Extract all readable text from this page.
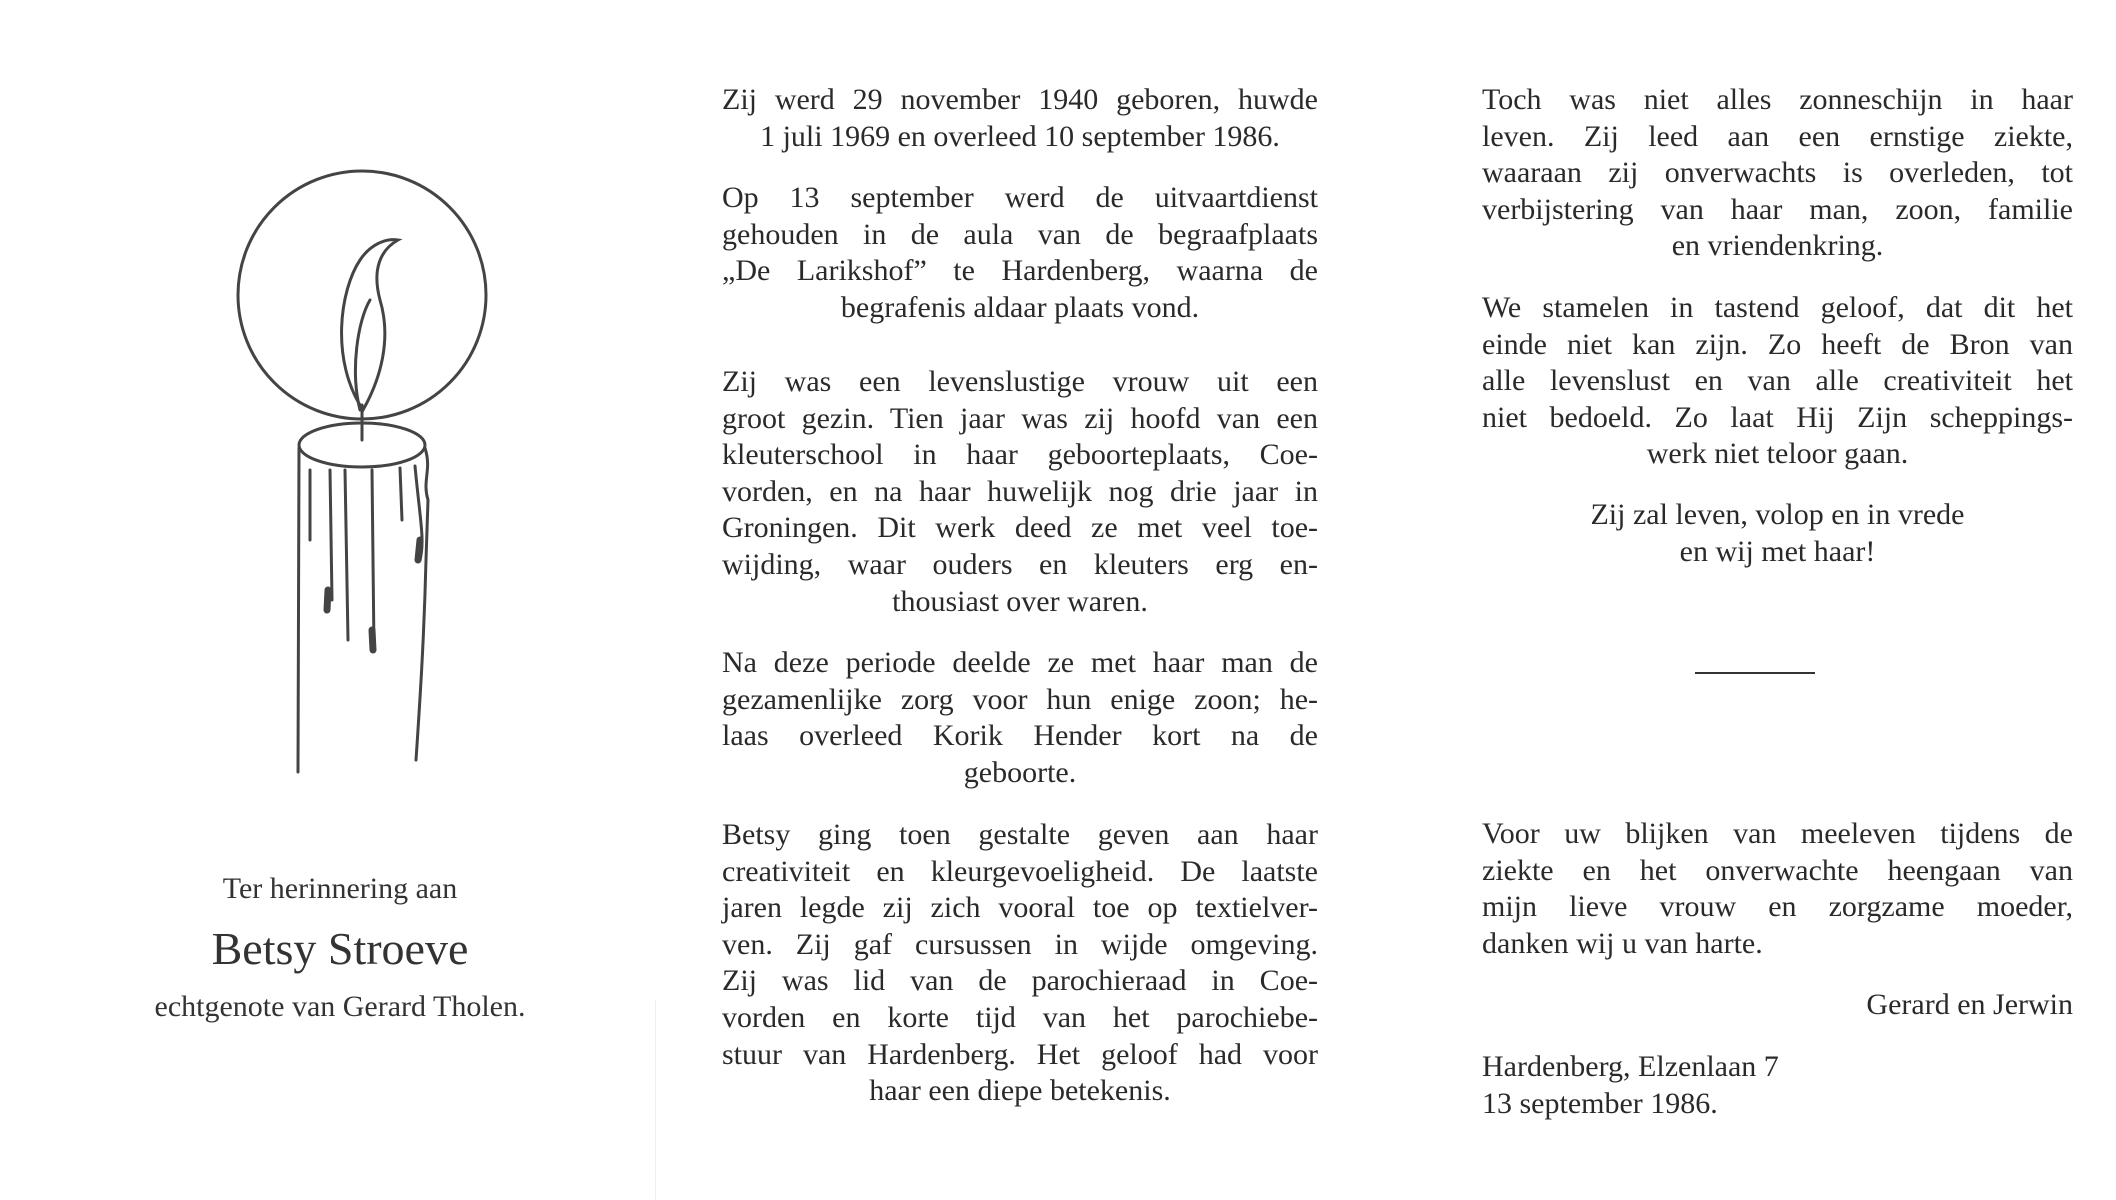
Ter herinnering aan
Betsy Stroeve
echtgenote van Gerard Tholen.
Zij werd 29 november 1940 geboren, huwde
1 juli 1969 en overleed 10 september 1986.
Op 13 september werd de uitvaartdienst
gehouden in de aula van de begraafplaats
„De Larikshof” te Hardenberg, waarna de
begrafenis aldaar plaats vond.
Zij was een levenslustige vrouw uit een
groot gezin. Tien jaar was zij hoofd van een
kleuterschool in haar geboorteplaats, Coe-
vorden, en na haar huwelijk nog drie jaar in
Groningen. Dit werk deed ze met veel toe-
wijding, waar ouders en kleuters erg en-
thousiast over waren.
Na deze periode deelde ze met haar man de
gezamenlijke zorg voor hun enige zoon; he-
laas overleed Korik Hender kort na de
geboorte.
Betsy ging toen gestalte geven aan haar
creativiteit en kleurgevoeligheid. De laatste
jaren legde zij zich vooral toe op textielver-
ven. Zij gaf cursussen in wijde omgeving.
Zij was lid van de parochieraad in Coe-
vorden en korte tijd van het parochiebe-
stuur van Hardenberg. Het geloof had voor
haar een diepe betekenis.
Toch was niet alles zonneschijn in haar
leven. Zij leed aan een ernstige ziekte,
waaraan zij onverwachts is overleden, tot
verbijstering van haar man, zoon, familie
en vriendenkring.
We stamelen in tastend geloof, dat dit het
einde niet kan zijn. Zo heeft de Bron van
alle levenslust en van alle creativiteit het
niet bedoeld. Zo laat Hij Zijn scheppings-
werk niet teloor gaan.
Zij zal leven, volop en in vrede
en wij met haar!
Voor uw blijken van meeleven tijdens de
ziekte en het onverwachte heengaan van
mijn lieve vrouw en zorgzame moeder,
danken wij u van harte.
Gerard en Jerwin
Hardenberg, Elzenlaan 7
13 september 1986.
